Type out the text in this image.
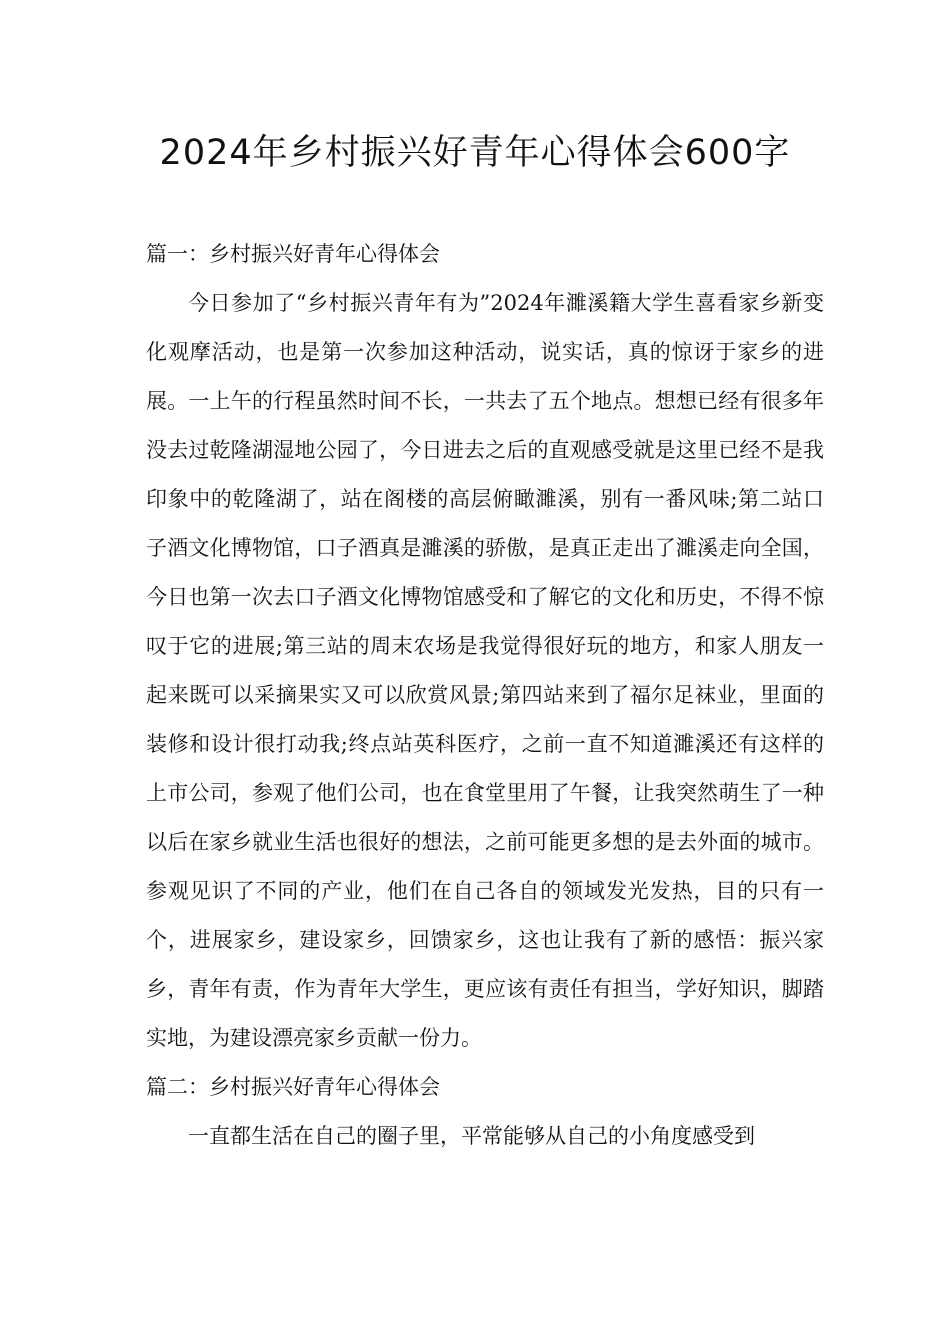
2024年乡村振兴好青年心得体会600字

篇一：乡村振兴好青年心得体会

今日参加了“乡村振兴青年有为”2024年濉溪籍大学生喜看家乡新变化观摩活动，也是第一次参加这种活动，说实话，真的惊讶于家乡的进展。一上午的行程虽然时间不长，一共去了五个地点。想想已经有很多年没去过乾隆湖湿地公园了，今日进去之后的直观感受就是这里已经不是我印象中的乾隆湖了，站在阁楼的高层俯瞰濉溪，别有一番风味;第二站口子酒文化博物馆，口子酒真是濉溪的骄傲，是真正走出了濉溪走向全国，今日也第一次去口子酒文化博物馆感受和了解它的文化和历史，不得不惊叹于它的进展;第三站的周末农场是我觉得很好玩的地方，和家人朋友一起来既可以采摘果实又可以欣赏风景;第四站来到了福尔足袜业，里面的装修和设计很打动我;终点站英科医疗，之前一直不知道濉溪还有这样的上市公司，参观了他们公司，也在食堂里用了午餐，让我突然萌生了一种以后在家乡就业生活也很好的想法，之前可能更多想的是去外面的城市。参观见识了不同的产业，他们在自己各自的领域发光发热，目的只有一个，进展家乡，建设家乡，回馈家乡，这也让我有了新的感悟：振兴家乡，青年有责，作为青年大学生，更应该有责任有担当，学好知识，脚踏实地，为建设漂亮家乡贡献一份力。

篇二：乡村振兴好青年心得体会

一直都生活在自己的圈子里，平常能够从自己的小角度感受到
